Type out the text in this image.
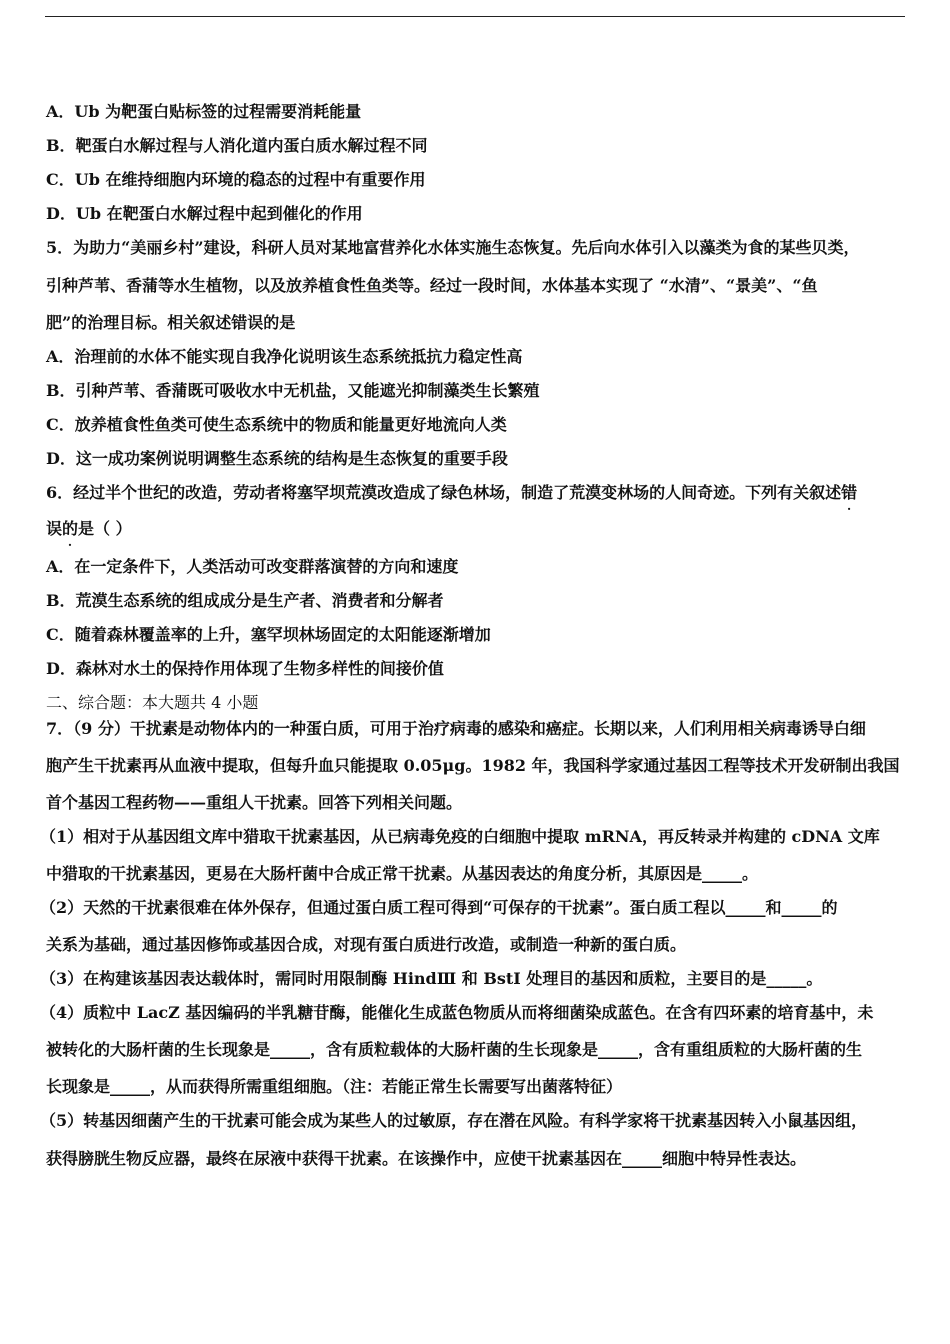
A．Ub 为靶蛋白贴标签的过程需要消耗能量
B．靶蛋白水解过程与人消化道内蛋白质水解过程不同
C．Ub 在维持细胞内环境的稳态的过程中有重要作用
D．Ub 在靶蛋白水解过程中起到催化的作用
5．为助力“美丽乡村”建设，科研人员对某地富营养化水体实施生态恢复。先后向水体引入以藻类为食的某些贝类，
引种芦苇、香蒲等水生植物，以及放养植食性鱼类等。经过一段时间，水体基本实现了 “水清”、“景美”、“鱼
肥”的治理目标。相关叙述错误的是
A．治理前的水体不能实现自我净化说明该生态系统抵抗力稳定性高
B．引种芦苇、香蒲既可吸收水中无机盐，又能遮光抑制藻类生长繁殖
C．放养植食性鱼类可使生态系统中的物质和能量更好地流向人类
D．这一成功案例说明调整生态系统的结构是生态恢复的重要手段
6．经过半个世纪的改造，劳动者将塞罕坝荒漠改造成了绿色林场，制造了荒漠变林场的人间奇迹。下列有关叙述错
误的是（ ）
A．在一定条件下，人类活动可改变群落演替的方向和速度
B．荒漠生态系统的组成成分是生产者、消费者和分解者
C．随着森林覆盖率的上升，塞罕坝林场固定的太阳能逐渐增加
D．森林对水土的保持作用体现了生物多样性的间接价值
二、综合题：本大题共 4 小题
7．（9 分）干扰素是动物体内的一种蛋白质，可用于治疗病毒的感染和癌症。长期以来，人们利用相关病毒诱导白细
胞产生干扰素再从血液中提取，但每升血只能提取 0.05μg。1982 年，我国科学家通过基因工程等技术开发研制出我国
首个基因工程药物——重组人干扰素。回答下列相关问题。
（1）相对于从基因组文库中猎取干扰素基因，从已病毒免疫的白细胞中提取 mRNA，再反转录并构建的 cDNA 文库
中猎取的干扰素基因，更易在大肠杆菌中合成正常干扰素。从基因表达的角度分析，其原因是_____。
（2）天然的干扰素很难在体外保存，但通过蛋白质工程可得到“可保存的干扰素”。蛋白质工程以_____和_____的
关系为基础，通过基因修饰或基因合成，对现有蛋白质进行改造，或制造一种新的蛋白质。
（3）在构建该基因表达载体时，需同时用限制酶 HindⅢ 和 BstI 处理目的基因和质粒，主要目的是_____。
（4）质粒中 LacZ 基因编码的半乳糖苷酶，能催化生成蓝色物质从而将细菌染成蓝色。在含有四环素的培育基中，未
被转化的大肠杆菌的生长现象是_____，含有质粒载体的大肠杆菌的生长现象是_____，含有重组质粒的大肠杆菌的生
长现象是_____，从而获得所需重组细胞。（注：若能正常生长需要写出菌落特征）
（5）转基因细菌产生的干扰素可能会成为某些人的过敏原，存在潜在风险。有科学家将干扰素基因转入小鼠基因组，
获得膀胱生物反应器，最终在尿液中获得干扰素。在该操作中，应使干扰素基因在_____细胞中特异性表达。
